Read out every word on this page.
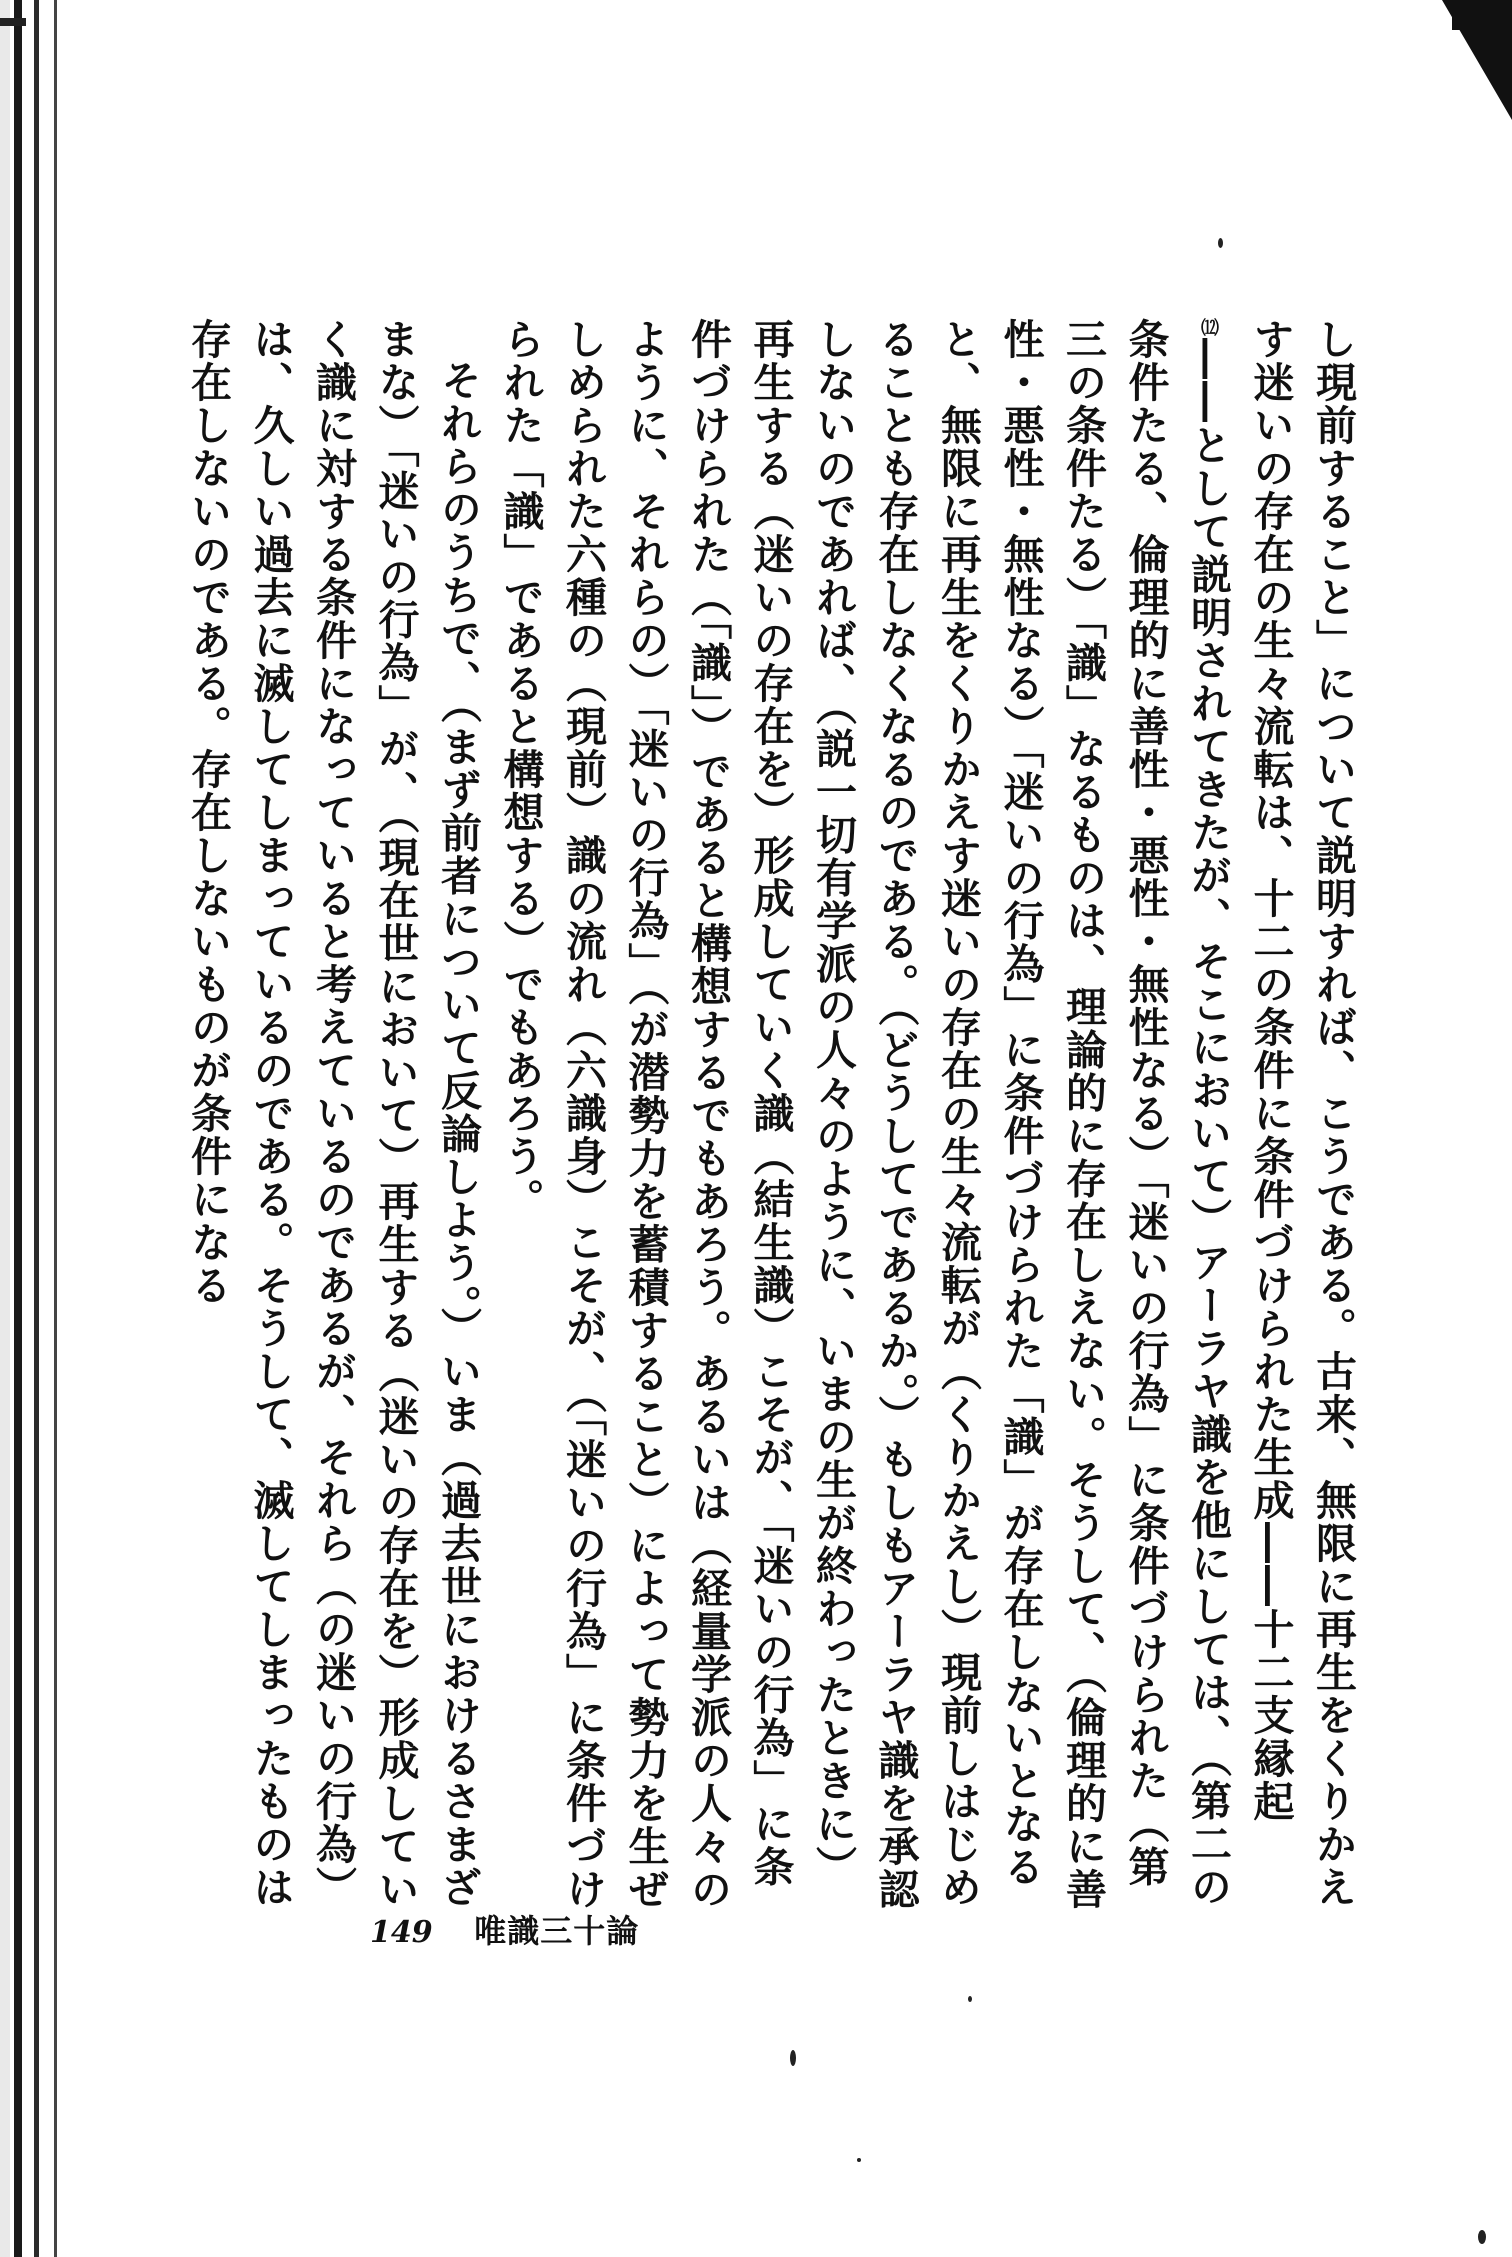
し現前すること」について説明すれば、こうである。古来、無限に再生をくりかえす迷いの存在の生々流転は、十二の条件に条件づけられた生成――十二支縁起⑿――として説明されてきたが、そこにおいて）アーラヤ識を他にしては、（第二の条件たる、倫理的に善性・悪性・無性なる）「迷いの行為」に条件づけられた（第三の条件たる）「識」なるものは、理論的に存在しえない。そうして、（倫理的に善性・悪性・無性なる）「迷いの行為」に条件づけられた「識」が存在しないとなると、無限に再生をくりかえす迷いの存在の生々流転が（くりかえし）現前しはじめることも存在しなくなるのである。（どうしてであるか。）もしもアーラヤ識を承認しないのであれば、（説一切有学派の人々のように、いまの生が終わったときに）再生する（迷いの存在を）形成していく識（結生識）こそが、「迷いの行為」に条件づけられた（「識」）であると構想するでもあろう。あるいは（経量学派の人々のように、それらの）「迷いの行為」（が潜勢力を蓄積すること）によって勢力を生ぜしめられた六種の（現前）識の流れ（六識身）こそが、（「迷いの行為」に条件づけられた「識」であると構想する）でもあろう。

それらのうちで、（まず前者について反論しよう。）いま（過去世におけるさまざまな）「迷いの行為」が、（現在世において）再生する（迷いの存在を）形成していく識に対する条件になっていると考えているのであるが、それら（の迷いの行為）は、久しい過去に滅してしまっているのである。そうして、滅してしまったものは存在しないのである。存在しないものが条件になる

149 唯識三十論
